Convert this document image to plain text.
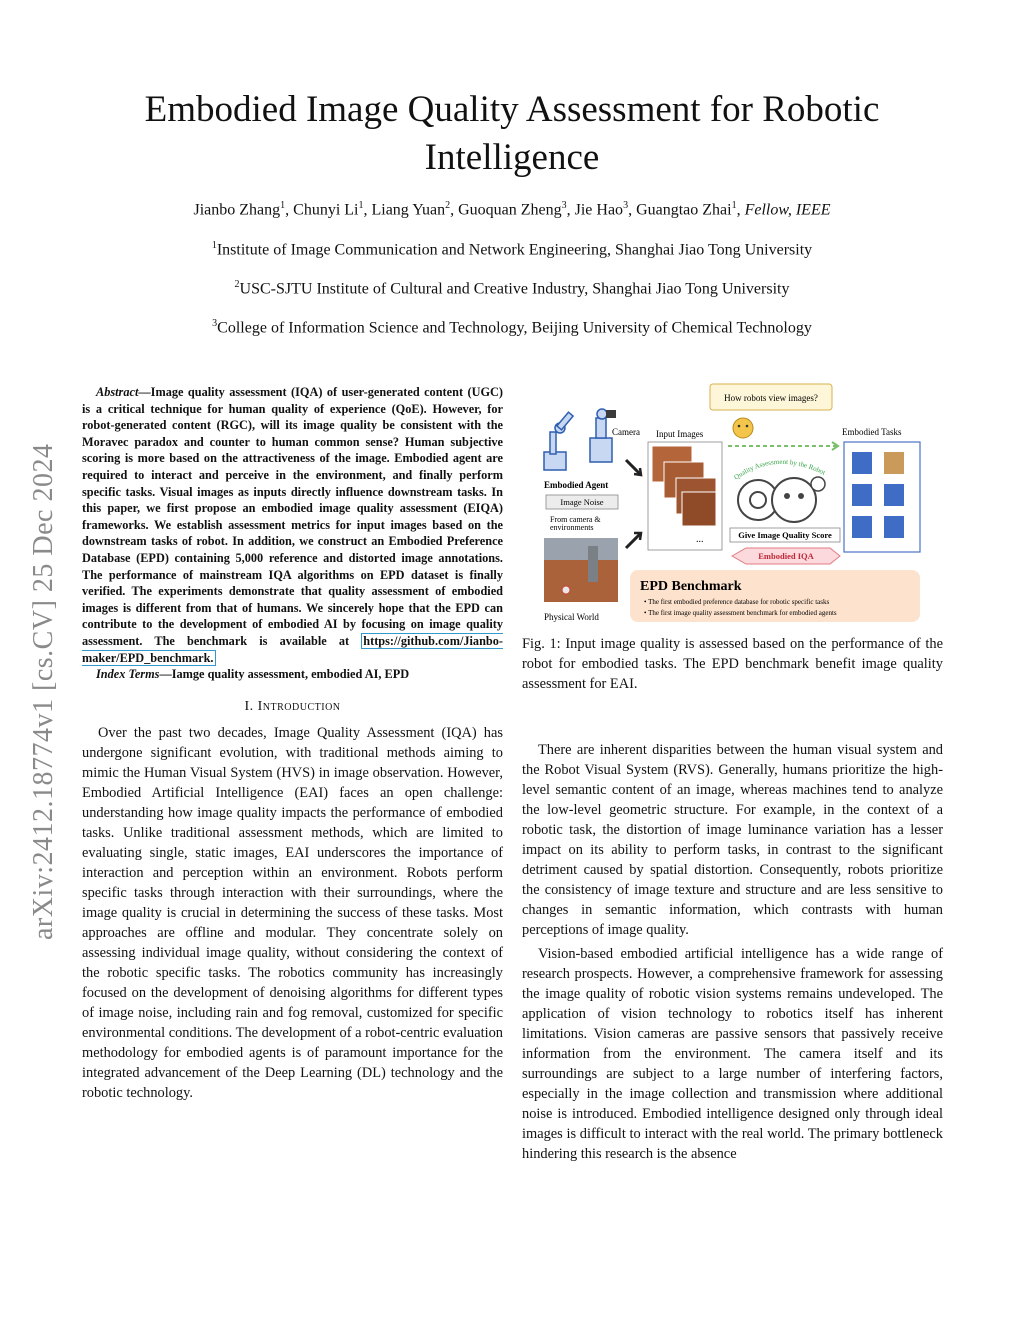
Embodied Image Quality Assessment for Robotic Intelligence
Jianbo Zhang$^1$, Chunyi Li$^1$, Liang Yuan$^2$, Guoquan Zheng$^3$, Jie Hao$^3$, Guangtao Zhai$^1$, Fellow, IEEE
$^1$Institute of Image Communication and Network Engineering, Shanghai Jiao Tong University
$^2$USC-SJTU Institute of Cultural and Creative Industry, Shanghai Jiao Tong University
$^3$College of Information Science and Technology, Beijing University of Chemical Technology
arXiv:2412.18774v1 [cs.CV] 25 Dec 2024

Abstract—Image quality assessment (IQA) of user-generated content (UGC) is a critical technique for human quality of experience (QoE). However, for robot-generated content (RGC), will its image quality be consistent with the Moravec paradox and counter to human common sense? Human subjective scoring is more based on the attractiveness of the image. Embodied agent are required to interact and perceive in the environment, and finally perform specific tasks. Visual images as inputs directly influence downstream tasks. In this paper, we first propose an embodied image quality assessment (EIQA) frameworks. We establish assessment metrics for input images based on the downstream tasks of robot. In addition, we construct an Embodied Preference Database (EPD) containing 5,000 reference and distorted image annotations. The performance of mainstream IQA algorithms on EPD dataset is finally verified. The experiments demonstrate that quality assessment of embodied images is different from that of humans. We sincerely hope that the EPD can contribute to the development of embodied AI by focusing on image quality assessment. The benchmark is available at https://github.com/Jianbo-maker/EPD_benchmark.

Index Terms—Iamge quality assessment, embodied AI, EPD

I. Introduction

Over the past two decades, Image Quality Assessment (IQA) has undergone significant evolution, with traditional methods aiming to mimic the Human Visual System (HVS) in image observation. However, Embodied Artificial Intelligence (EAI) faces an open challenge: understanding how image quality impacts the performance of embodied tasks. Unlike traditional assessment methods, which are limited to evaluating single, static images, EAI underscores the importance of interaction and perception within an environment. Robots perform specific tasks through interaction with their surroundings, where the image quality is crucial in determining the success of these tasks. Most approaches are offline and modular. They concentrate solely on assessing individual image quality, without considering the context of the robotic specific tasks. The robotics community has increasingly focused on the development of denoising algorithms for different types of image noise, including rain and fog removal, customized for specific environmental conditions. The development of a robot-centric evaluation methodology for embodied agents is of paramount importance for the integrated advancement of the Deep Learning (DL) technology and the robotic technology.

How robots view images?
Camera
Embodied Agent
Image Noise
From camera &
environments
Physical World
Input Images
...
Quality Assessment by the Robot
Give Image Quality Score
Embodied IQA
Embodied Tasks
EPD Benchmark
• The first embodied preference database for robotic specific tasks
• The first image quality assessment benchmark for embodied agents

Fig. 1: Input image quality is assessed based on the performance of the robot for embodied tasks. The EPD benchmark benefit image quality assessment for EAI.

There are inherent disparities between the human visual system and the Robot Visual System (RVS). Generally, humans prioritize the high-level semantic content of an image, whereas machines tend to analyze the low-level geometric structure. For example, in the context of a robotic task, the distortion of image luminance variation has a lesser impact on its ability to perform tasks, in contrast to the significant detriment caused by spatial distortion. Consequently, robots prioritize the consistency of image texture and structure and are less sensitive to changes in semantic information, which contrasts with human perceptions of image quality.

Vision-based embodied artificial intelligence has a wide range of research prospects. However, a comprehensive framework for assessing the image quality of robotic vision systems remains undeveloped. The application of vision technology to robotics itself has inherent limitations. Vision cameras are passive sensors that passively receive information from the environment. The camera itself and its surroundings are subject to a large number of interfering factors, especially in the image collection and transmission where additional noise is introduced. Embodied intelligence designed only through ideal images is difficult to interact with the real world. The primary bottleneck hindering this research is the absence
